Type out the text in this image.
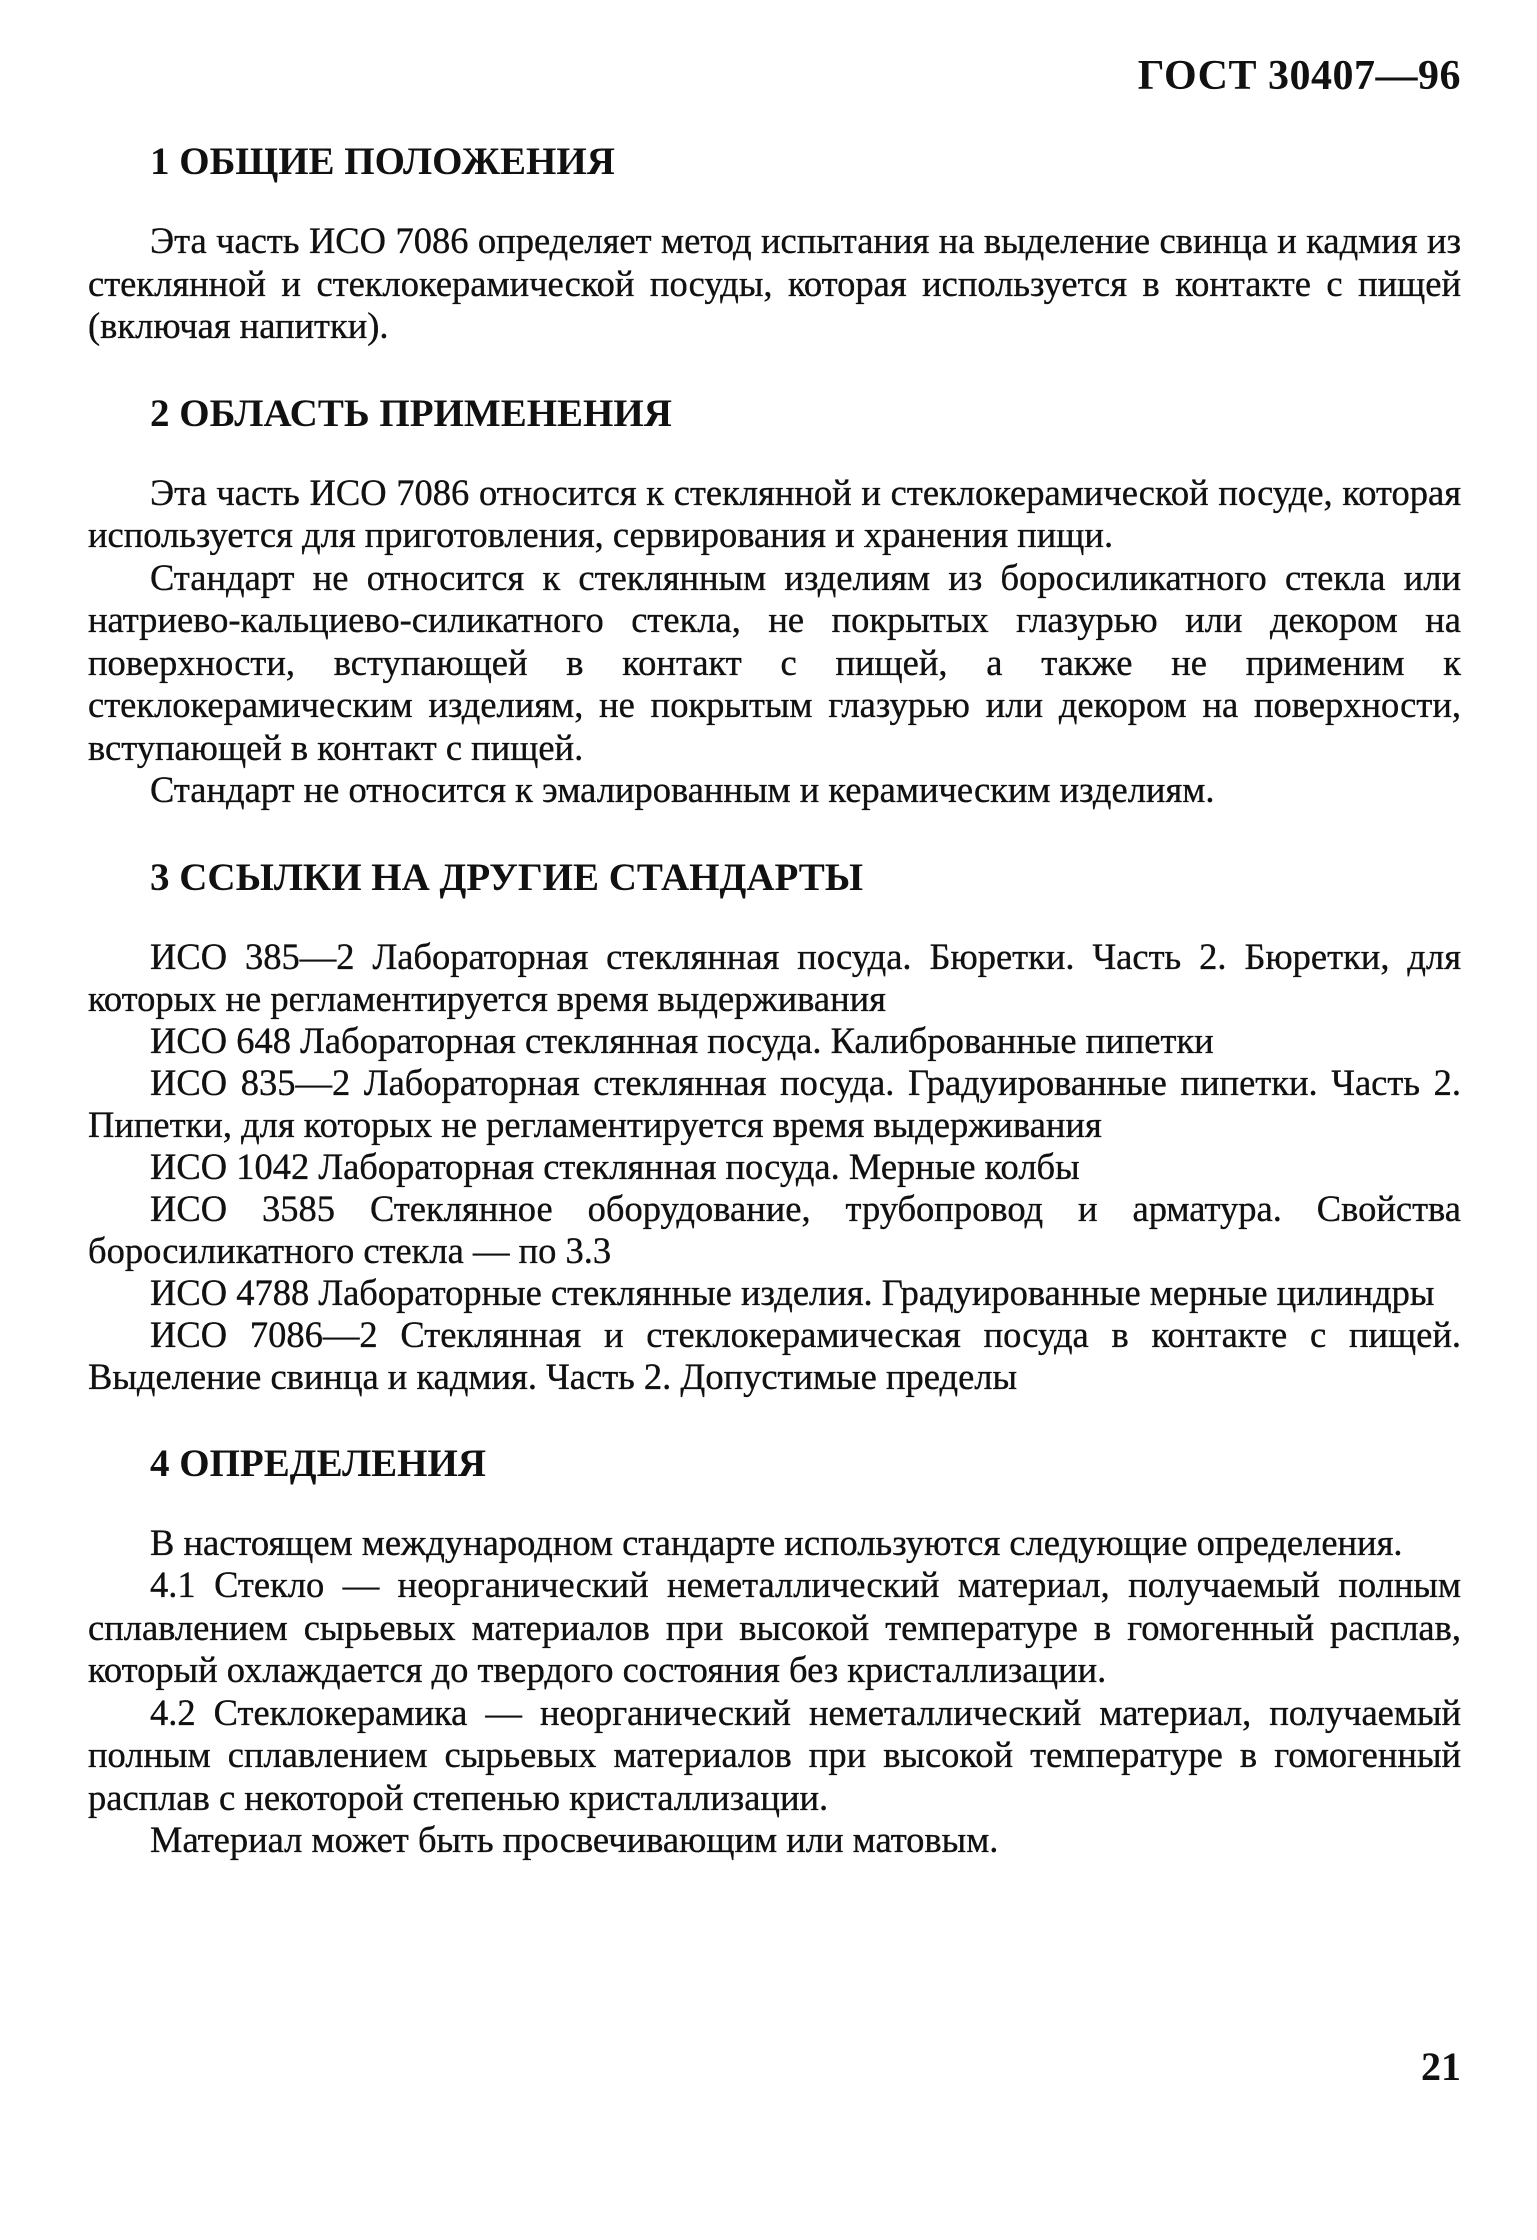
ГОСТ 30407—96
1 ОБЩИЕ ПОЛОЖЕНИЯ

Эта часть ИСО 7086 определяет метод испытания на выделение свинца и кадмия из стеклянной и стеклокерамической посуды, которая используется в контакте с пищей (включая напитки).

2 ОБЛАСТЬ ПРИМЕНЕНИЯ

Эта часть ИСО 7086 относится к стеклянной и стеклокерамической посуде, которая используется для приготовления, сервирования и хранения пищи.

Стандарт не относится к стеклянным изделиям из боросиликатного стекла или натриево-кальциево-силикатного стекла, не покрытых глазурью или декором на поверхности, вступающей в контакт с пищей, а также не применим к стеклокерамическим изделиям, не покрытым глазурью или декором на поверхности, вступающей в контакт с пищей.

Стандарт не относится к эмалированным и керамическим изделиям.

3 ССЫЛКИ НА ДРУГИЕ СТАНДАРТЫ

ИСО 385—2 Лабораторная стеклянная посуда. Бюретки. Часть 2. Бюретки, для которых не регламентируется время выдерживания

ИСО 648 Лабораторная стеклянная посуда. Калиброванные пипетки

ИСО 835—2 Лабораторная стеклянная посуда. Градуированные пипетки. Часть 2. Пипетки, для которых не регламентируется время выдерживания

ИСО 1042 Лабораторная стеклянная посуда. Мерные колбы

ИСО 3585 Стеклянное оборудование, трубопровод и арматура. Свойства боросиликатного стекла — по 3.3

ИСО 4788 Лабораторные стеклянные изделия. Градуированные мерные цилиндры

ИСО 7086—2 Стеклянная и стеклокерамическая посуда в контакте с пищей. Выделение свинца и кадмия. Часть 2. Допустимые пределы

4 ОПРЕДЕЛЕНИЯ

В настоящем международном стандарте используются следующие определения.

4.1 Стекло — неорганический неметаллический материал, получаемый полным сплавлением сырьевых материалов при высокой температуре в гомогенный расплав, который охлаждается до твердого состояния без кристаллизации.

4.2 Стеклокерамика — неорганический неметаллический материал, получаемый полным сплавлением сырьевых материалов при высокой температуре в гомогенный расплав с некоторой степенью кристаллизации.

Материал может быть просвечивающим или матовым.

21
